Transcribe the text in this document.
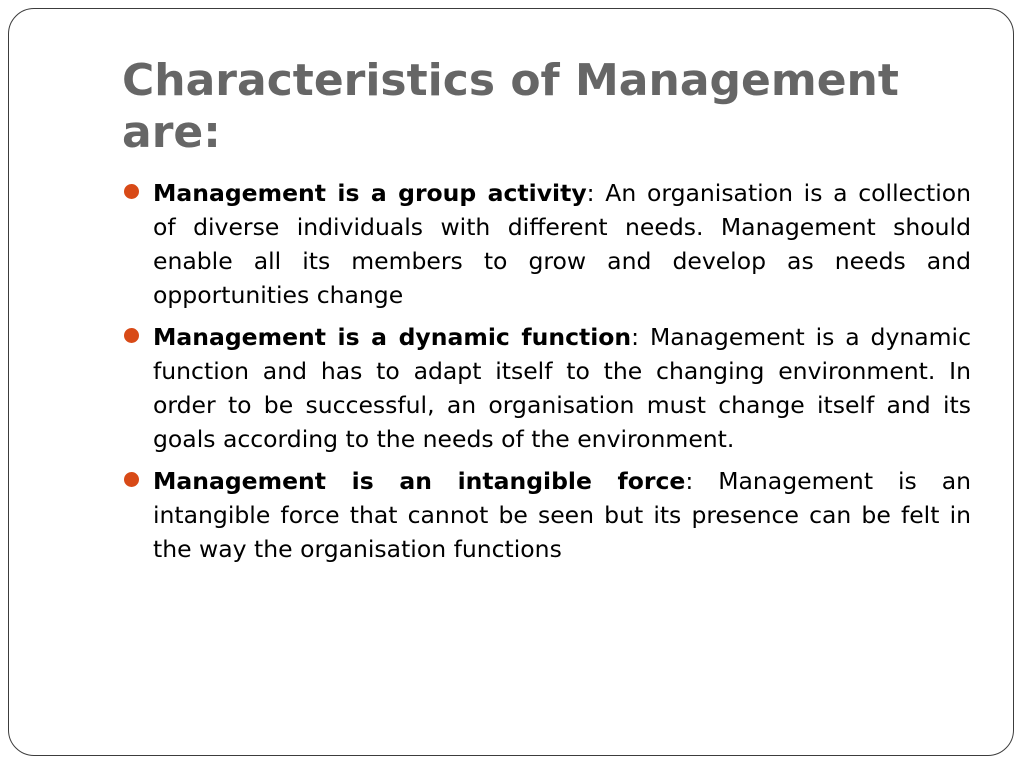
Characteristics of Management are:
Management is a group activity: An organisation is a collection of diverse individuals with different needs. Management should enable all its members to grow and develop as needs and opportunities change
Management is a dynamic function: Management is a dynamic function and has to adapt itself to the changing environment. In order to be successful, an organisation must change itself and its goals according to the needs of the environment.
Management is an intangible force: Management is an intangible force that cannot be seen but its presence can be felt in the way the organisation functions
